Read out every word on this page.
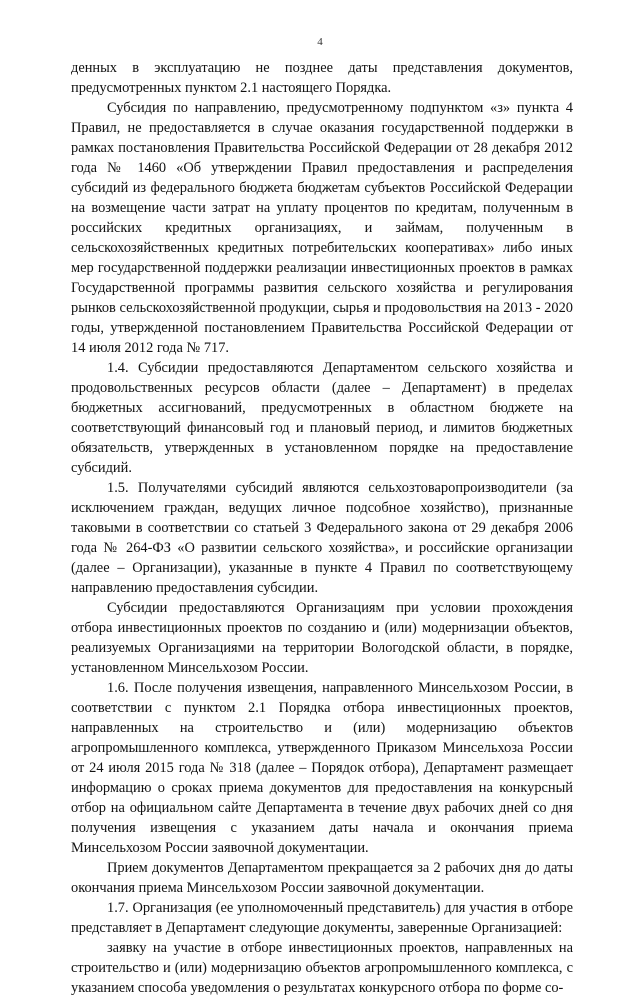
4

денных в эксплуатацию не позднее даты представления документов, предусмотренных пунктом 2.1 настоящего Порядка.

Субсидия по направлению, предусмотренному подпунктом «з» пункта 4 Правил, не предоставляется в случае оказания государственной поддержки в рамках постановления Правительства Российской Федерации от 28 декабря 2012 года № 1460 «Об утверждении Правил предоставления и распределения субсидий из федерального бюджета бюджетам субъектов Российской Федерации на возмещение части затрат на уплату процентов по кредитам, полученным в российских кредитных организациях, и займам, полученным в сельскохозяйственных кредитных потребительских кооперативах» либо иных мер государственной поддержки реализации инвестиционных проектов в рамках Государственной программы развития сельского хозяйства и регулирования рынков сельскохозяйственной продукции, сырья и продовольствия на 2013 - 2020 годы, утвержденной постановлением Правительства Российской Федерации от 14 июля 2012 года № 717.

1.4. Субсидии предоставляются Департаментом сельского хозяйства и продовольственных ресурсов области (далее – Департамент) в пределах бюджетных ассигнований, предусмотренных в областном бюджете на соответствующий финансовый год и плановый период, и лимитов бюджетных обязательств, утвержденных в установленном порядке на предоставление субсидий.

1.5. Получателями субсидий являются сельхозтоваропроизводители (за исключением граждан, ведущих личное подсобное хозяйство), признанные таковыми в соответствии со статьей 3 Федерального закона от 29 декабря 2006 года № 264-ФЗ «О развитии сельского хозяйства», и российские организации (далее – Организации), указанные в пункте 4 Правил по соответствующему направлению предоставления субсидии.

Субсидии предоставляются Организациям при условии прохождения отбора инвестиционных проектов по созданию и (или) модернизации объектов, реализуемых Организациями на территории Вологодской области, в порядке, установленном Минсельхозом России.

1.6. После получения извещения, направленного Минсельхозом России, в соответствии с пунктом 2.1 Порядка отбора инвестиционных проектов, направленных на строительство и (или) модернизацию объектов агропромышленного комплекса, утвержденного Приказом Минсельхоза России от 24 июля 2015 года № 318 (далее – Порядок отбора), Департамент размещает информацию о сроках приема документов для предоставления на конкурсный отбор на официальном сайте Департамента в течение двух рабочих дней со дня получения извещения с указанием даты начала и окончания приема Минсельхозом России заявочной документации.

Прием документов Департаментом прекращается за 2 рабочих дня до даты окончания приема Минсельхозом России заявочной документации.

1.7. Организация (ее уполномоченный представитель) для участия в отборе представляет в Департамент следующие документы, заверенные Организацией:

заявку на участие в отборе инвестиционных проектов, направленных на строительство и (или) модернизацию объектов агропромышленного комплекса, с указанием способа уведомления о результатах конкурсного отбора по форме со-
